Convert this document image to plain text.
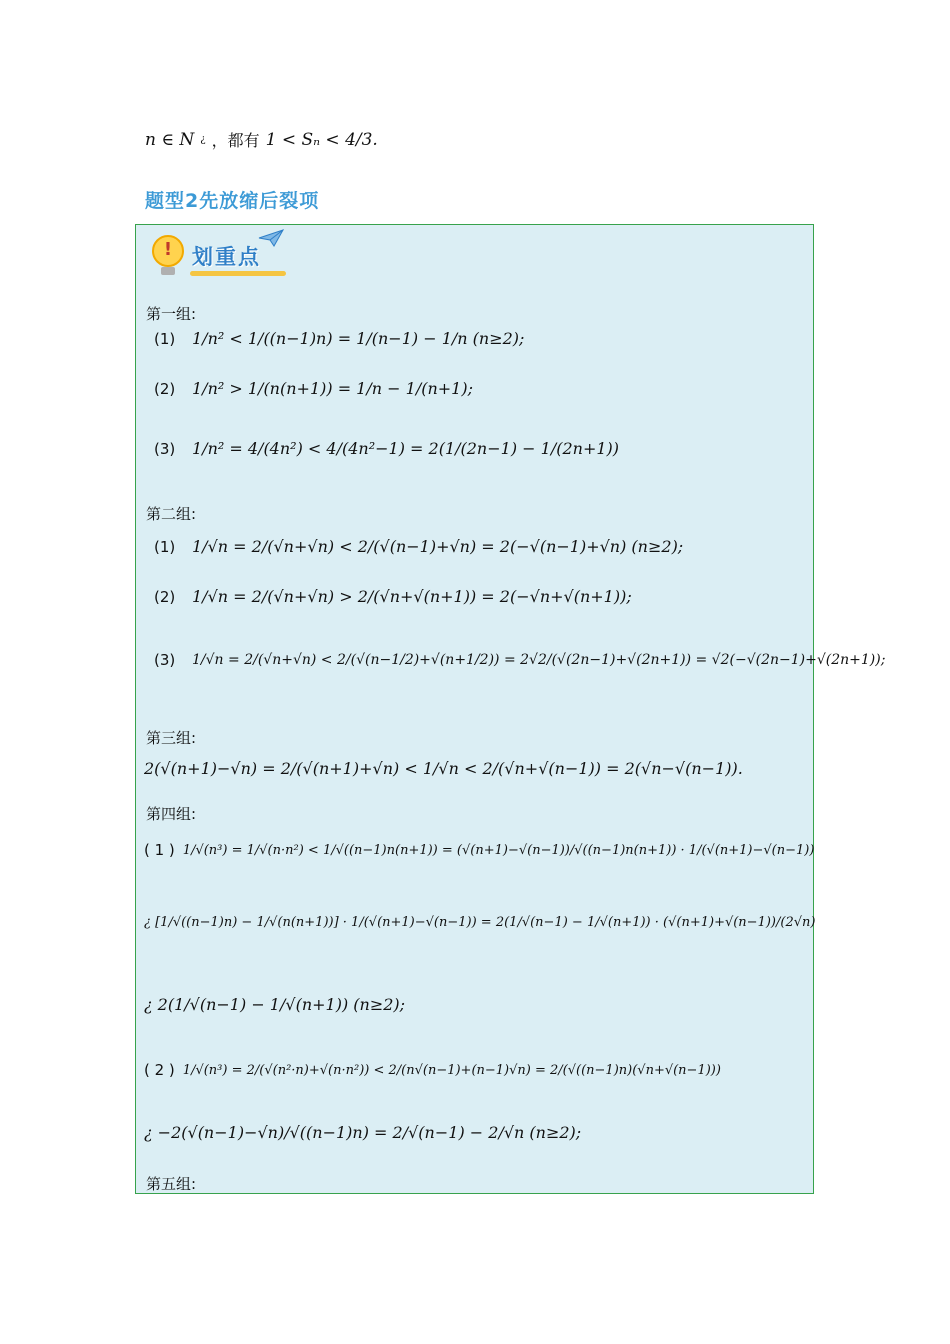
n ∈ N ¿ ，都有 1 < Sₙ < 4/3.
题型2先放缩后裂项
!
划重点
第一组:
(1)	1/n² < 1/((n−1)n) = 1/(n−1) − 1/n (n≥2);
(2)	1/n² > 1/(n(n+1)) = 1/n − 1/(n+1);
(3)	1/n² = 4/(4n²) < 4/(4n²−1) = 2(1/(2n−1) − 1/(2n+1))
第二组:
(1)	1/√n = 2/(√n+√n) < 2/(√(n−1)+√n) = 2(−√(n−1)+√n) (n≥2);
(2)	1/√n = 2/(√n+√n) > 2/(√n+√(n+1)) = 2(−√n+√(n+1));
(3)	1/√n = 2/(√n+√n) < 2/(√(n−1/2)+√(n+1/2)) = 2√2/(√(2n−1)+√(2n+1)) = √2(−√(2n−1)+√(2n+1));
第三组:
2(√(n+1)−√n) = 2/(√(n+1)+√n) < 1/√n < 2/(√n+√(n−1)) = 2(√n−√(n−1)).
第四组:
( 1 ) 1/√(n³) = 1/√(n·n²) < 1/√((n−1)n(n+1)) = (√(n+1)−√(n−1))/√((n−1)n(n+1)) · 1/(√(n+1)−√(n−1))
¿ [1/√((n−1)n) − 1/√(n(n+1))] · 1/(√(n+1)−√(n−1)) = 2(1/√(n−1) − 1/√(n+1)) · (√(n+1)+√(n−1))/(2√n)
¿ 2(1/√(n−1) − 1/√(n+1)) (n≥2);
( 2 ) 1/√(n³) = 2/(√(n²·n)+√(n·n²)) < 2/(n√(n−1)+(n−1)√n) = 2/(√((n−1)n)(√n+√(n−1)))
¿ −2(√(n−1)−√n)/√((n−1)n) = 2/√(n−1) − 2/√n (n≥2);
第五组:
